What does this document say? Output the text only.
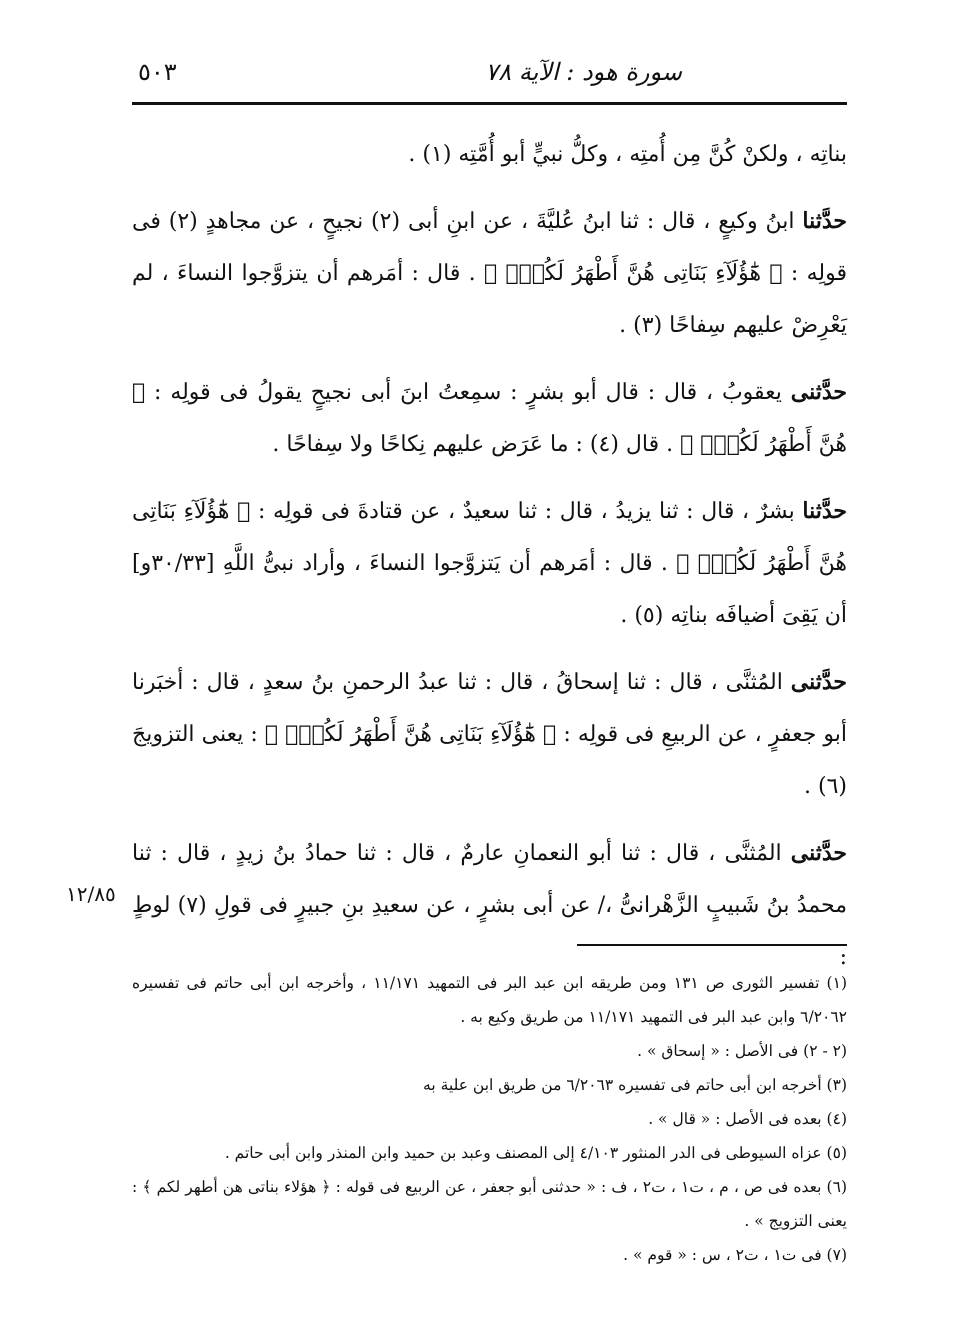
سورة هود : الآية ٧٨
٥٠٣

بناتِه ، ولكنْ كُنَّ مِن أُمتِه ، وكلُّ نبيٍّ أبو أُمَّتِه (١) .

حدَّثنا ابنُ وكيعٍ ، قال : ثنا ابنُ عُليَّةَ ، عن ابنِ أبى (٢) نجيحٍ ، عن مجاهدٍ (٢) فى قولِه : ﴿ هَٰٓؤُلَآءِ بَنَاتِى هُنَّ أَطْهَرُ لَكُمْۖ ﴾ . قال : أمَرهم أن يتزوَّجوا النساءَ ، لم يَعْرِضْ عليهم سِفاحًا (٣) .

حدَّثنى يعقوبُ ، قال : قال أبو بشرٍ : سمِعتُ ابنَ أبى نجيحٍ يقولُ فى قولِه : ﴿ هُنَّ أَطْهَرُ لَكُمْۖ ﴾ . قال (٤) : ما عَرَض عليهم نِكاحًا ولا سِفاحًا .

حدَّثنا بشرٌ ، قال : ثنا يزيدُ ، قال : ثنا سعيدٌ ، عن قتادةَ فى قولِه : ﴿ هَٰٓؤُلَآءِ بَنَاتِى هُنَّ أَطْهَرُ لَكُمْۖ ﴾ . قال : أمَرهم أن يَتزوَّجوا النساءَ ، وأراد نبىُّ اللَّهِ [٣٠/٣٣و] أن يَقِىَ أضيافَه بناتِه (٥) .

حدَّثنى المُثنَّى ، قال : ثنا إسحاقُ ، قال : ثنا عبدُ الرحمنِ بنُ سعدٍ ، قال : أخبَرنا أبو جعفرٍ ، عن الربيعِ فى قولِه : ﴿ هَٰٓؤُلَآءِ بَنَاتِى هُنَّ أَطْهَرُ لَكُمْۖ ﴾ : يعنى التزويجَ (٦) .

حدَّثنى المُثنَّى ، قال : ثنا أبو النعمانِ عارمٌ ، قال : ثنا حمادُ بنُ زيدٍ ، قال : ثنا محمدُ بنُ شَبيبٍ الزَّهْرانىُّ ،/ عن أبى بشرٍ ، عن سعيدِ بنِ جبيرٍ فى قولِ (٧) لوطٍ :

١٢/٨٥

(١) تفسير الثورى ص ١٣١ ومن طريقه ابن عبد البر فى التمهيد ١١/١٧١ ، وأخرجه ابن أبى حاتم فى تفسيره ٦/٢٠٦٢ وابن عبد البر فى التمهيد ١١/١٧١ من طريق وكيع به .

(٢ - ٢) فى الأصل : « إسحاق » .

(٣) أخرجه ابن أبى حاتم فى تفسيره ٦/٢٠٦٣ من طريق ابن علية به

(٤) بعده فى الأصل : « قال » .

(٥) عزاه السيوطى فى الدر المنثور ٤/١٠٣ إلى المصنف وعبد بن حميد وابن المنذر وابن أبى حاتم .

(٦) بعده فى ص ، م ، ت١ ، ت٢ ، ف : « حدثنى أبو جعفر ، عن الربيع فى قوله : ﴿ هؤلاء بناتى هن أطهر لكم ﴾ : يعنى التزويج » .

(٧) فى ت١ ، ت٢ ، س : « قوم » .
